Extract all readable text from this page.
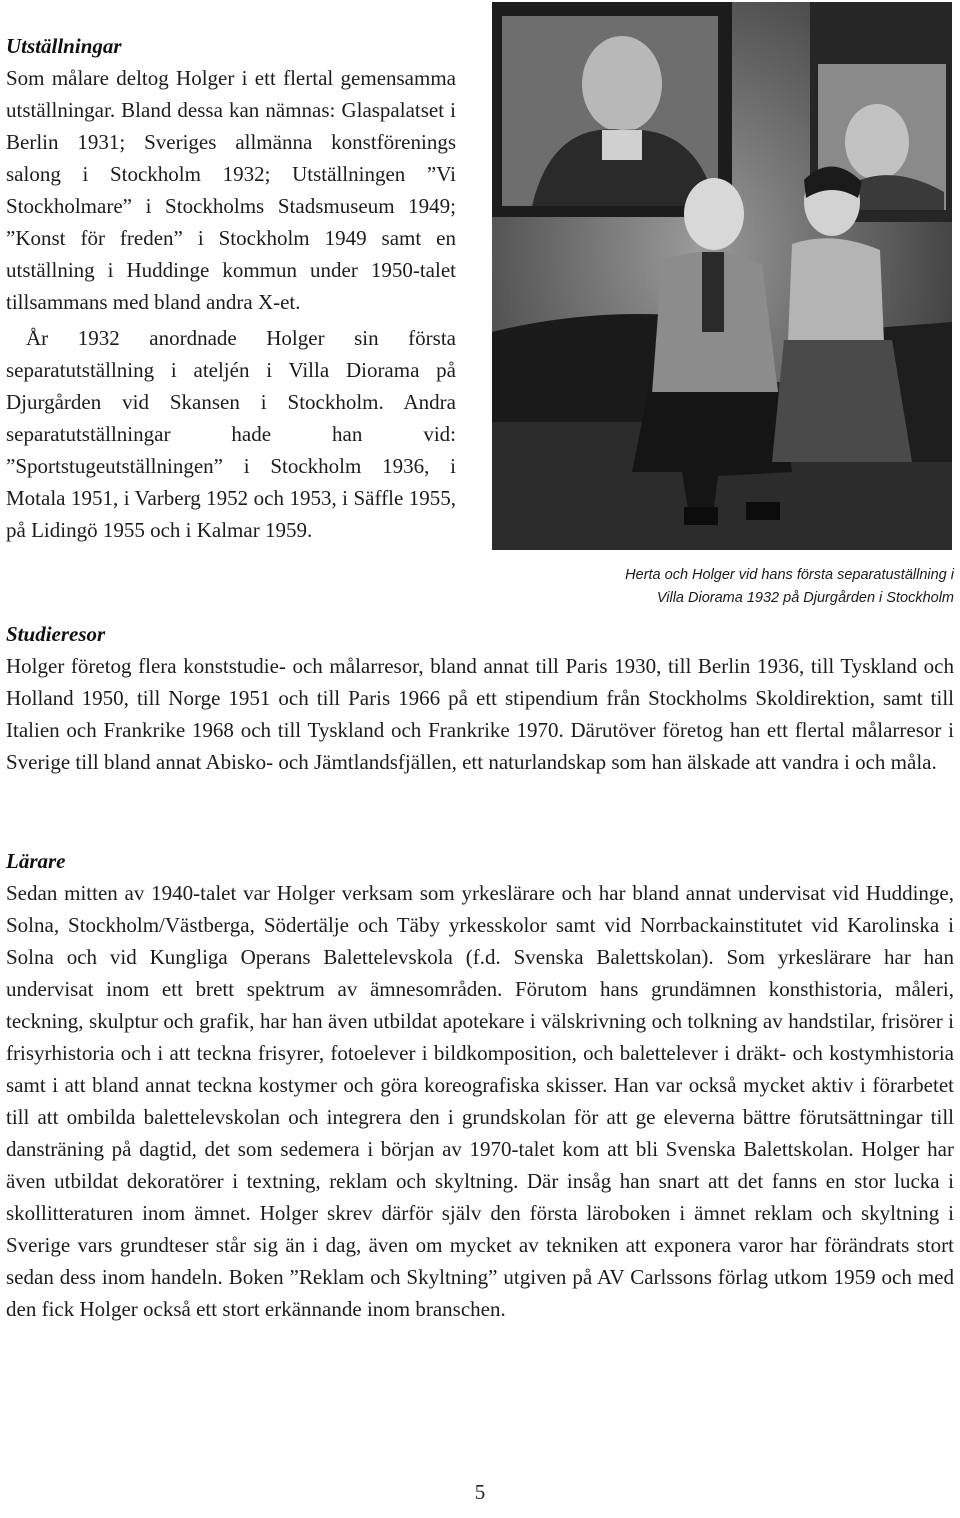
Utställningar

Som målare deltog Holger i ett flertal gemensamma utställningar. Bland dessa kan nämnas: Glaspalatset i Berlin 1931; Sveriges allmänna konstförenings salong i Stockholm 1932; Utställningen ”Vi Stockholmare” i Stockholms Stadsmuseum 1949; ”Konst för freden” i Stockholm 1949 samt en utställning i Huddinge kommun under 1950-talet tillsammans med bland andra X-et.

År 1932 anordnade Holger sin första separatutställning i ateljén i Villa Diorama på Djurgården vid Skansen i Stockholm. Andra separatutställningar hade han vid: ”Sportstugeutställningen” i Stockholm 1936, i Motala 1951, i Varberg 1952 och 1953, i Säffle 1955, på Lidingö 1955 och i Kalmar 1959.

Herta och Holger vid hans första separatuställning i
Villa Diorama 1932 på Djurgården i Stockholm

Studieresor

Holger företog flera konststudie- och målarresor, bland annat till Paris 1930, till Berlin 1936, till Tyskland och Holland 1950, till Norge 1951 och till Paris 1966 på ett stipendium från Stockholms Skoldirektion, samt till Italien och Frankrike 1968 och till Tyskland och Frankrike 1970. Därutöver företog han ett flertal målarresor i Sverige till bland annat Abisko- och Jämtlandsfjällen, ett naturlandskap som han älskade att vandra i och måla.

Lärare

Sedan mitten av 1940-talet var Holger verksam som yrkeslärare och har bland annat undervisat vid Huddinge, Solna, Stockholm/Västberga, Södertälje och Täby yrkesskolor samt vid Norrbackainstitutet vid Karolinska i Solna och vid Kungliga Operans Balettelevskola (f.d. Svenska Balettskolan). Som yrkeslärare har han undervisat inom ett brett spektrum av ämnesområden. Förutom hans grundämnen konsthistoria, måleri, teckning, skulptur och grafik, har han även utbildat apotekare i välskrivning och tolkning av handstilar, frisörer i frisyrhistoria och i att teckna frisyrer, fotoelever i bildkomposition, och balettelever i dräkt- och kostymhistoria samt i att bland annat teckna kostymer och göra koreografiska skisser. Han var också mycket aktiv i förarbetet till att ombilda balettelevskolan och integrera den i grundskolan för att ge eleverna bättre förutsättningar till dansträning på dagtid, det som sedemera i början av 1970-talet kom att bli Svenska Balettskolan. Holger har även utbildat dekoratörer i textning, reklam och skyltning. Där insåg han snart att det fanns en stor lucka i skollitteraturen inom ämnet. Holger skrev därför själv den första läroboken i ämnet reklam och skyltning i Sverige vars grundteser står sig än i dag, även om mycket av tekniken att exponera varor har förändrats stort sedan dess inom handeln. Boken ”Reklam och Skyltning” utgiven på AV Carlssons förlag utkom 1959 och med den fick Holger också ett stort erkännande inom branschen.

5
